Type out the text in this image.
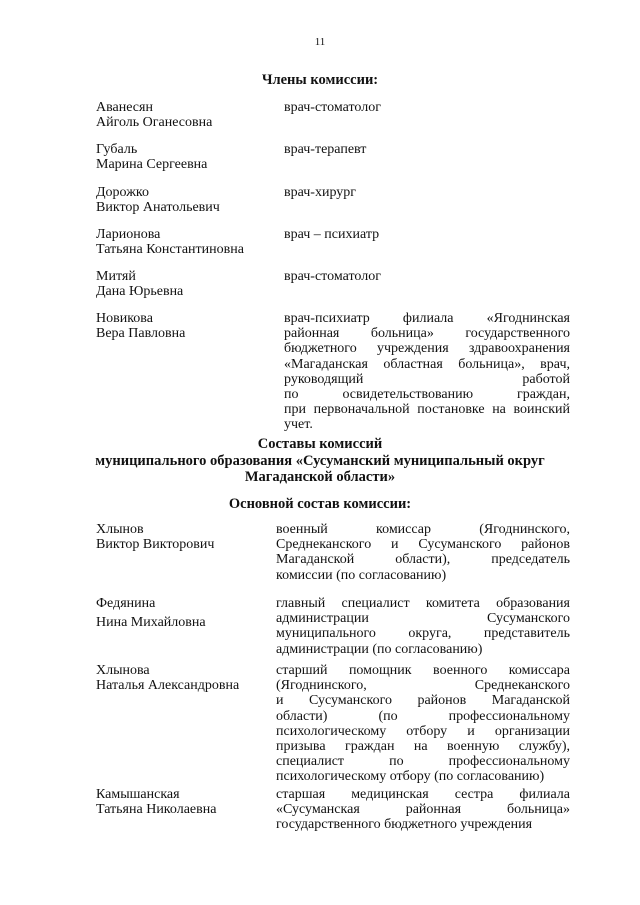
11
Члены комиссии:
Аванесян
Айголь Оганесовна
врач-стоматолог
Губаль
Марина Сергеевна
врач-терапевт
Дорожко
Виктор Анатольевич
врач-хирург
Ларионова
Татьяна Константиновна
врач – психиатр
Митяй
Дана Юрьевна
врач-стоматолог
Новикова
Вера Павловна
врач-психиатр филиала «Ягоднинская
районная больница» государственного
бюджетного учреждения здравоохранения
«Магаданская областная больница», врач,
руководящий работой
по освидетельствованию граждан,
при первоначальной постановке на воинский
учет.
Составы комиссий
муниципального образования «Сусуманский муниципальный округ
Магаданской области»
Основной состав комиссии:
Хлынов
Виктор Викторович
военный комиссар (Ягоднинского,
Среднеканского и Сусуманского районов
Магаданской области), председатель
комиссии (по согласованию)
Федянина
Нина Михайловна
главный специалист комитета образования
администрации Сусуманского
муниципального округа, представитель
администрации (по согласованию)
Хлынова
Наталья Александровна
старший помощник военного комиссара
(Ягоднинского, Среднеканского
и Сусуманского районов Магаданской
области) (по профессиональному
психологическому отбору и организации
призыва граждан на военную службу),
специалист по профессиональному
психологическому отбору (по согласованию)
Камышанская
Татьяна Николаевна
старшая медицинская сестра филиала
«Сусуманская районная больница»
государственного бюджетного учреждения
